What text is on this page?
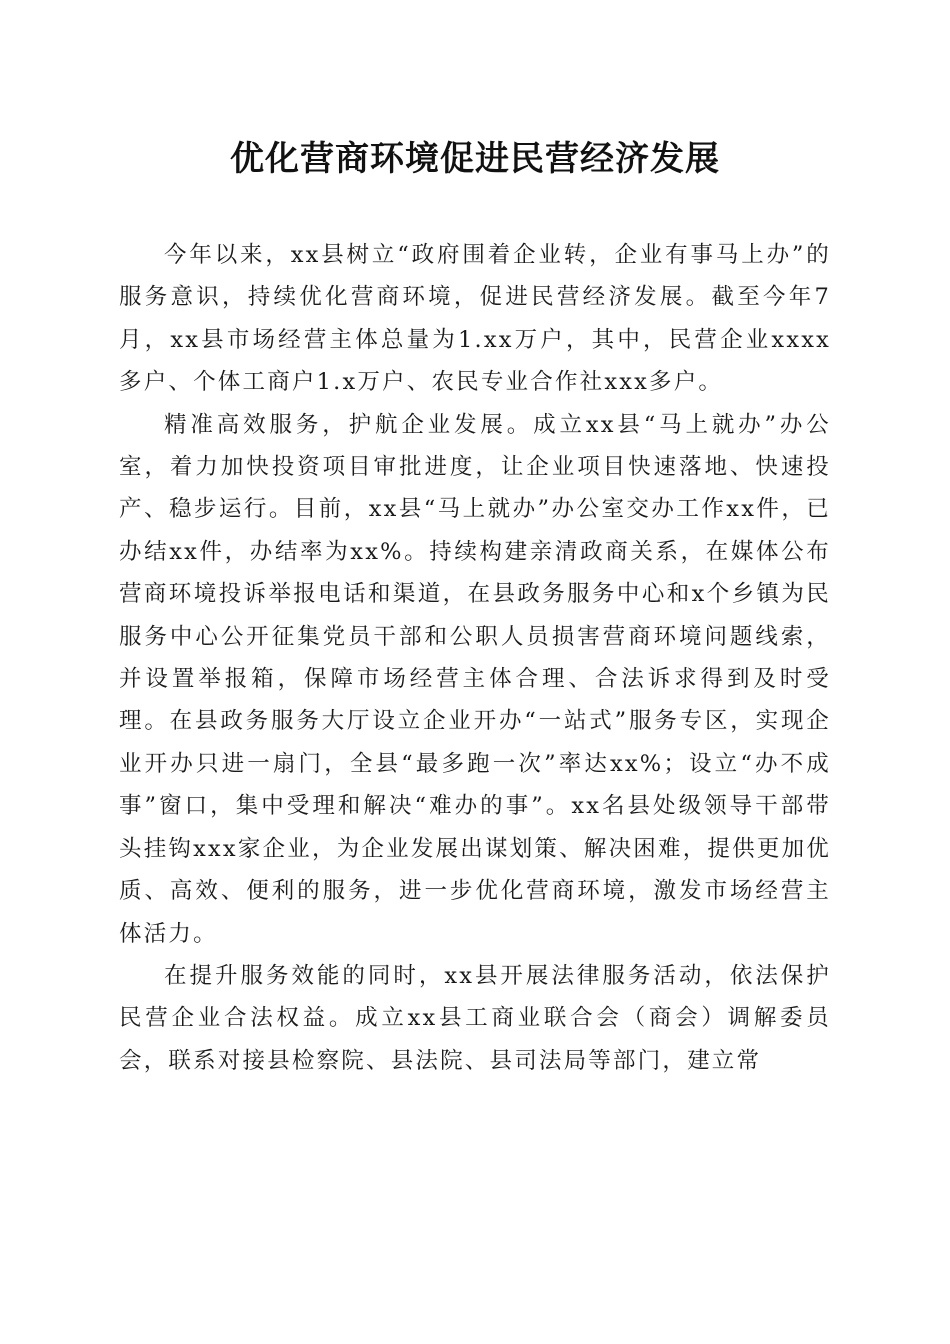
优化营商环境促进民营经济发展

今年以来，xx县树立“政府围着企业转，企业有事马上办”的服务意识，持续优化营商环境，促进民营经济发展。截至今年7月，xx县市场经营主体总量为1.xx万户，其中，民营企业xxxx多户、个体工商户1.x万户、农民专业合作社xxx多户。

精准高效服务，护航企业发展。成立xx县“马上就办”办公室，着力加快投资项目审批进度，让企业项目快速落地、快速投产、稳步运行。目前，xx县“马上就办”办公室交办工作xx件，已办结xx件，办结率为xx%。持续构建亲清政商关系，在媒体公布营商环境投诉举报电话和渠道，在县政务服务中心和x个乡镇为民服务中心公开征集党员干部和公职人员损害营商环境问题线索，并设置举报箱，保障市场经营主体合理、合法诉求得到及时受理。在县政务服务大厅设立企业开办“一站式”服务专区，实现企业开办只进一扇门，全县“最多跑一次”率达xx%；设立“办不成事”窗口，集中受理和解决“难办的事”。xx名县处级领导干部带头挂钩xxx家企业，为企业发展出谋划策、解决困难，提供更加优质、高效、便利的服务，进一步优化营商环境，激发市场经营主体活力。

在提升服务效能的同时，xx县开展法律服务活动，依法保护民营企业合法权益。成立xx县工商业联合会（商会）调解委员会，联系对接县检察院、县法院、县司法局等部门，建立常
